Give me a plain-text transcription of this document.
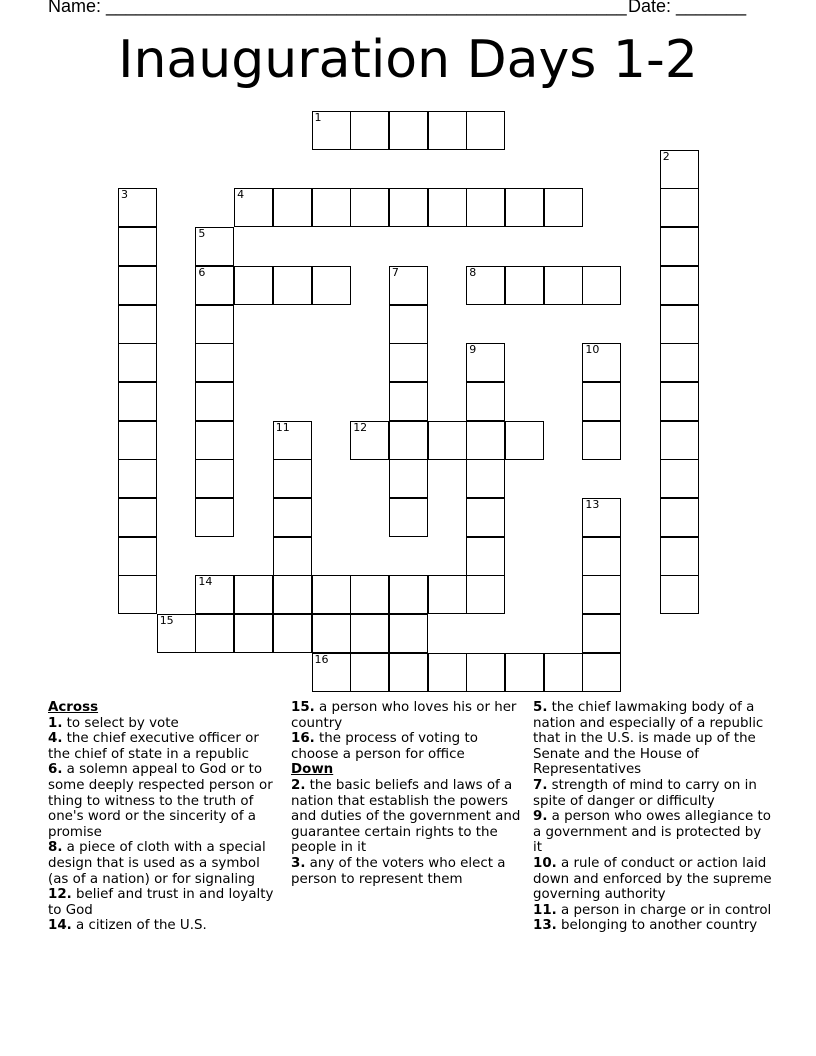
Name: ____________________________________________________ Date: _______
Inauguration Days 1-2
1
2
3	4
5
6	7	8
9	10
11	12
13
14
15
16
Across
1. to select by vote
4. the chief executive officer or the chief of state in a republic
6. a solemn appeal to God or to some deeply respected person or thing to witness to the truth of one's word or the sincerity of a promise
8. a piece of cloth with a special design that is used as a symbol (as of a nation) or for signaling
12. belief and trust in and loyalty to God
14. a citizen of the U.S.
15. a person who loves his or her country
16. the process of voting to choose a person for office
Down
2. the basic beliefs and laws of a nation that establish the powers and duties of the government and guarantee certain rights to the people in it
3. any of the voters who elect a person to represent them
5. the chief lawmaking body of a nation and especially of a republic that in the U.S. is made up of the Senate and the House of Representatives
7. strength of mind to carry on in spite of danger or difficulty
9. a person who owes allegiance to a government and is protected by it
10. a rule of conduct or action laid down and enforced by the supreme governing authority
11. a person in charge or in control
13. belonging to another country
